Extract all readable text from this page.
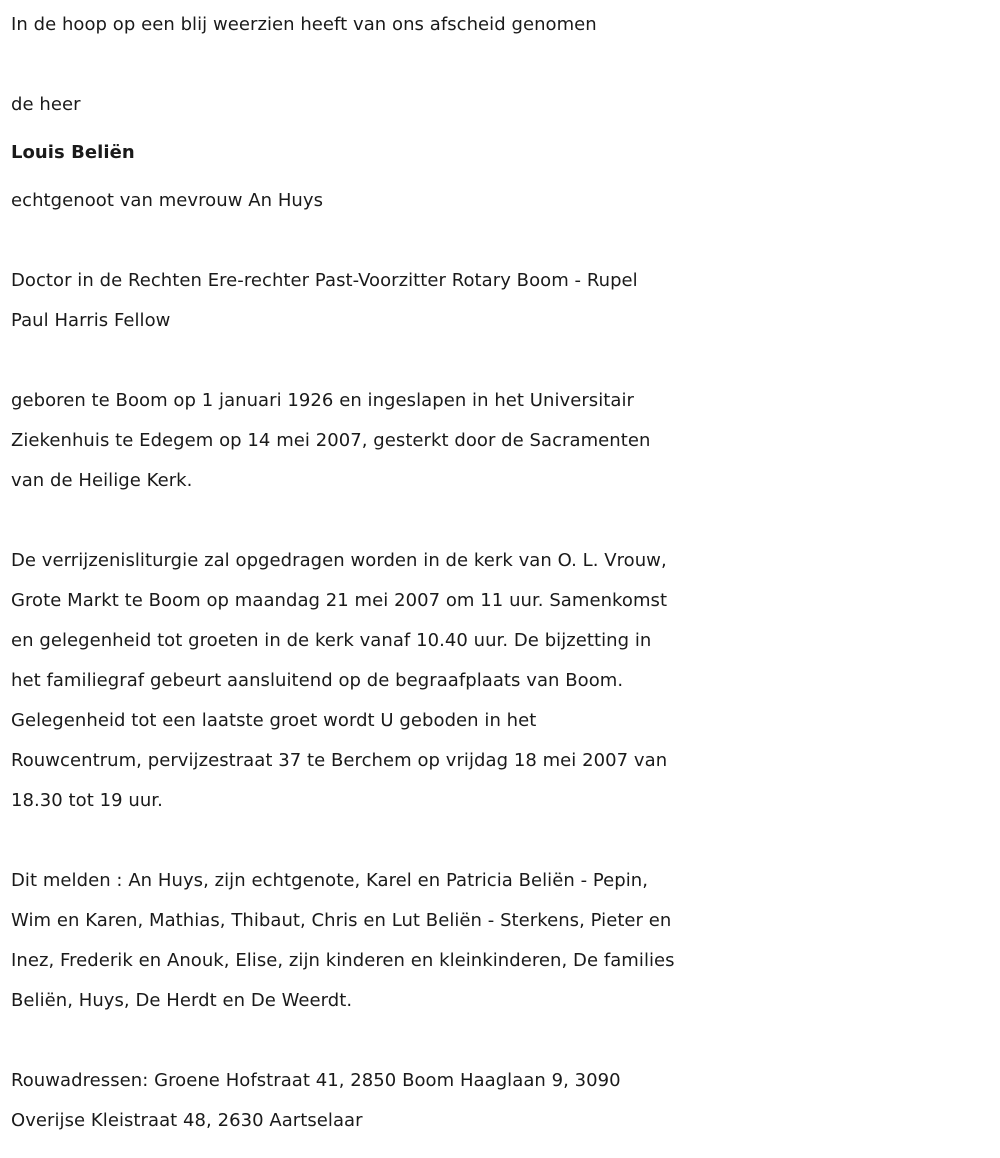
In de hoop op een blij weerzien heeft van ons afscheid genomen
de heer
Louis Beliën
echtgenoot van mevrouw An Huys
Doctor in de Rechten Ere-rechter Past-Voorzitter Rotary Boom - Rupel
Paul Harris Fellow
geboren te Boom op 1 januari 1926 en ingeslapen in het Universitair
Ziekenhuis te Edegem op 14 mei 2007, gesterkt door de Sacramenten
van de Heilige Kerk.
De verrijzenisliturgie zal opgedragen worden in de kerk van O. L. Vrouw,
Grote Markt te Boom op maandag 21 mei 2007 om 11 uur. Samenkomst
en gelegenheid tot groeten in de kerk vanaf 10.40 uur. De bijzetting in
het familiegraf gebeurt aansluitend op de begraafplaats van Boom.
Gelegenheid tot een laatste groet wordt U geboden in het
Rouwcentrum, pervijzestraat 37 te Berchem op vrijdag 18 mei 2007 van
18.30 tot 19 uur.
Dit melden : An Huys, zijn echtgenote, Karel en Patricia Beliën - Pepin,
Wim en Karen, Mathias, Thibaut, Chris en Lut Beliën - Sterkens, Pieter en
Inez, Frederik en Anouk, Elise, zijn kinderen en kleinkinderen, De families
Beliën, Huys, De Herdt en De Weerdt.
Rouwadressen: Groene Hofstraat 41, 2850 Boom Haaglaan 9, 3090
Overijse Kleistraat 48, 2630 Aartselaar
